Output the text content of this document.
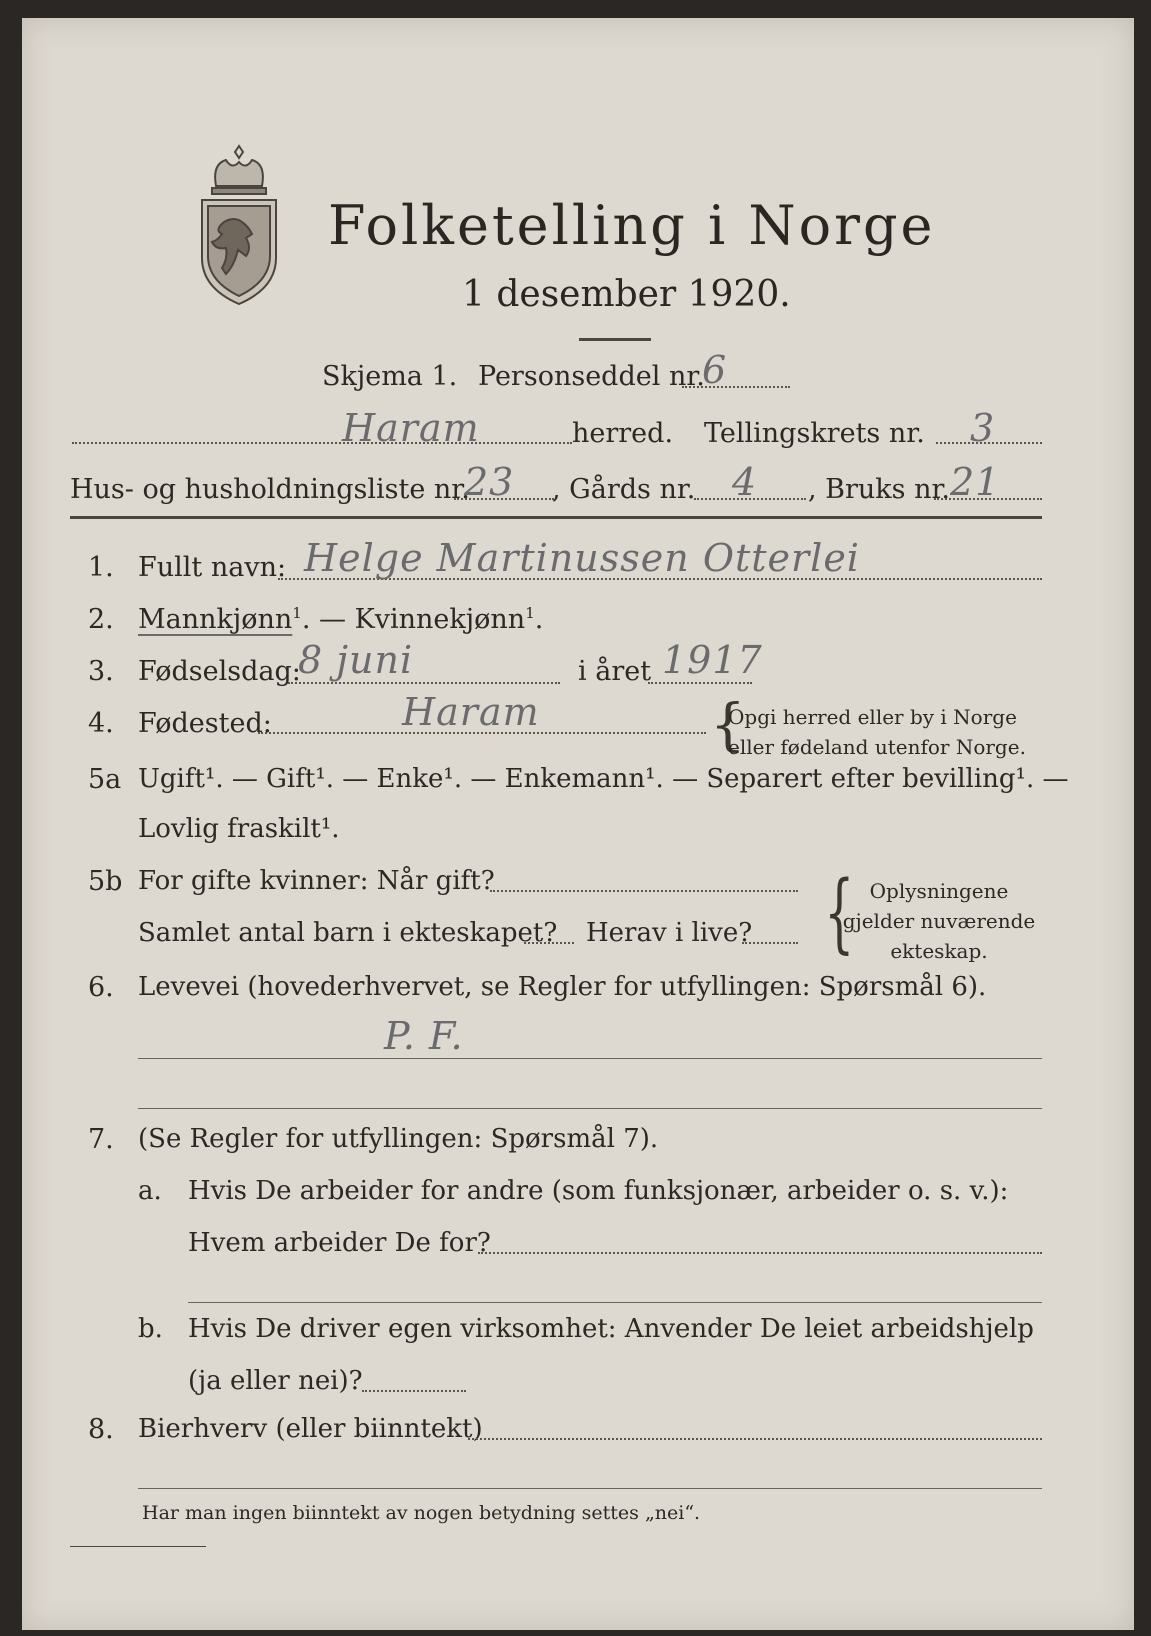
Folketelling i Norge
1 desember 1920.
Skjema 1. Personseddel nr.
6
Haram	herred. Tellingskrets nr. 3
Hus- og husholdningsliste nr.
23 , Gårds nr. 4 , Bruks nr. 21
1. Fullt navn: Helge Martinussen Otterlei
2. Mannkjønn$^1$. — Kvinnekjønn$^1$.
3. Fødselsdag:
8 juni	i året 1917
4. Fødested:	Haram	{
Opgi herred eller by i Norge
eller fødeland utenfor Norge.
5a Ugift¹. — Gift¹. — Enke¹. — Enkemann¹. — Separert efter bevilling¹. —
Lovlig fraskilt¹.
5b For gifte kvinner: Når gift?
Samlet antal barn i ekteskapet? Herav i live? { Oplysningene
gjelder nuværende
ekteskap.
6. Levevei (hovederhvervet, se Regler for utfyllingen: Spørsmål 6).
P. F.
7. (Se Regler for utfyllingen: Spørsmål 7).
a. Hvis De arbeider for andre (som funksjonær, arbeider o. s. v.):
Hvem arbeider De for?
b. Hvis De driver egen virksomhet: Anvender De leiet arbeidshjelp
(ja eller nei)?
8. Bierhverv (eller biinntekt)
Har man ingen biinntekt av nogen betydning settes „nei“.
